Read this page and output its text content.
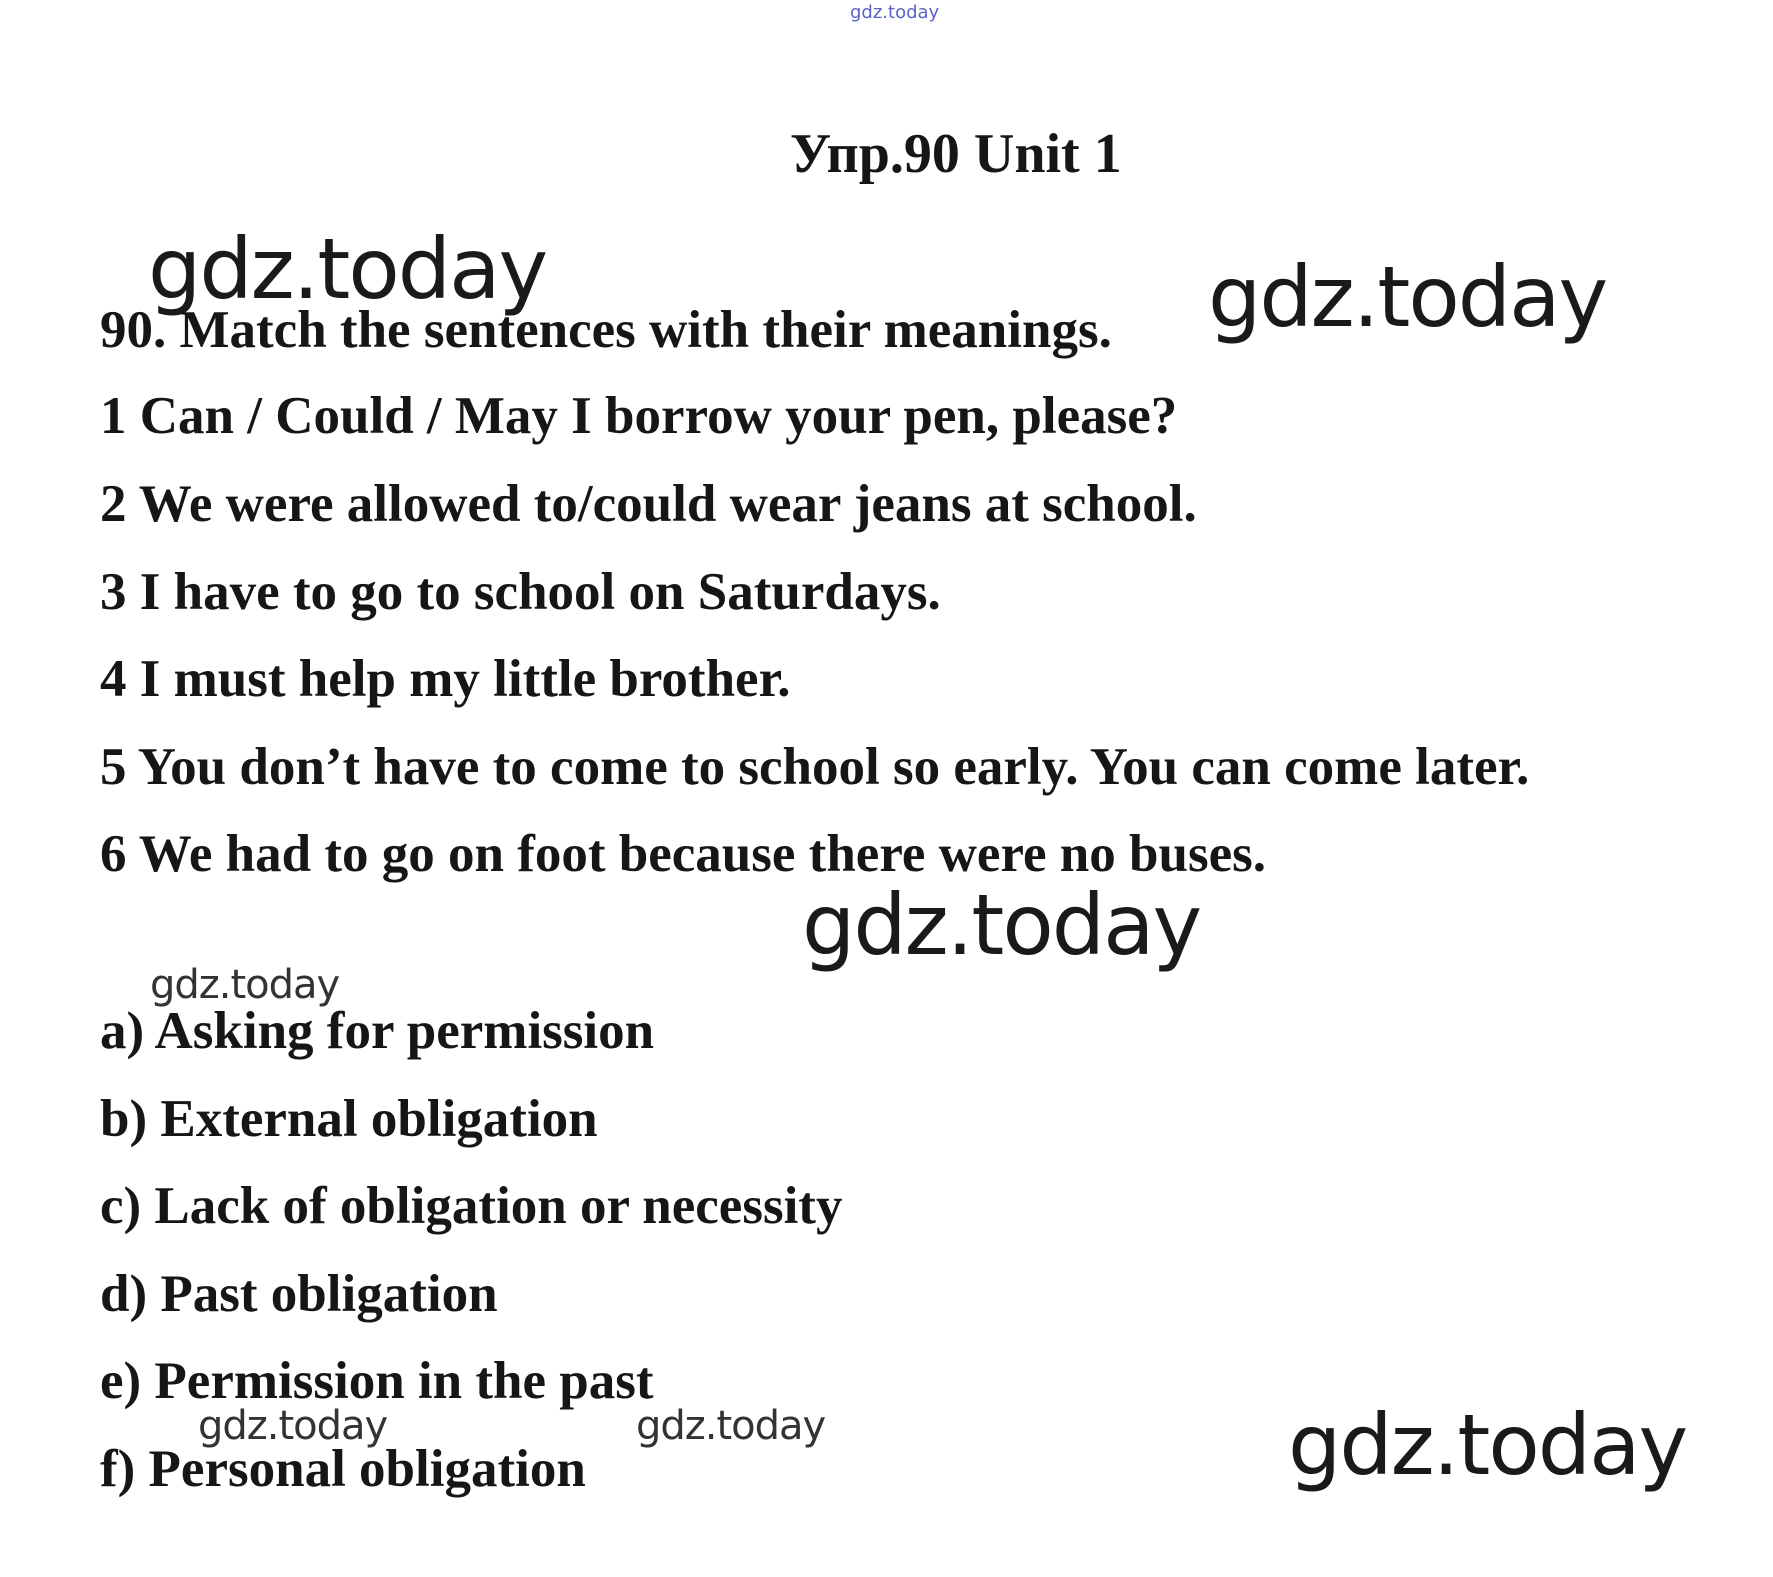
gdz.today
Упр.90 Unit 1
gdz.today	gdz.today
90. Match the sentences with their meanings.
1 Can / Could / May I borrow your pen, please?
2 We were allowed to/could wear jeans at school.
3 I have to go to school on Saturdays.
4 I must help my little brother.
5 You don’t have to come to school so early. You can come later.
6 We had to go on foot because there were no buses.
gdz.today
gdz.today
a) Asking for permission
b) External obligation
c) Lack of obligation or necessity
d) Past obligation
e) Permission in the past
gdz.today	gdz.today
f) Personal obligation	gdz.today
